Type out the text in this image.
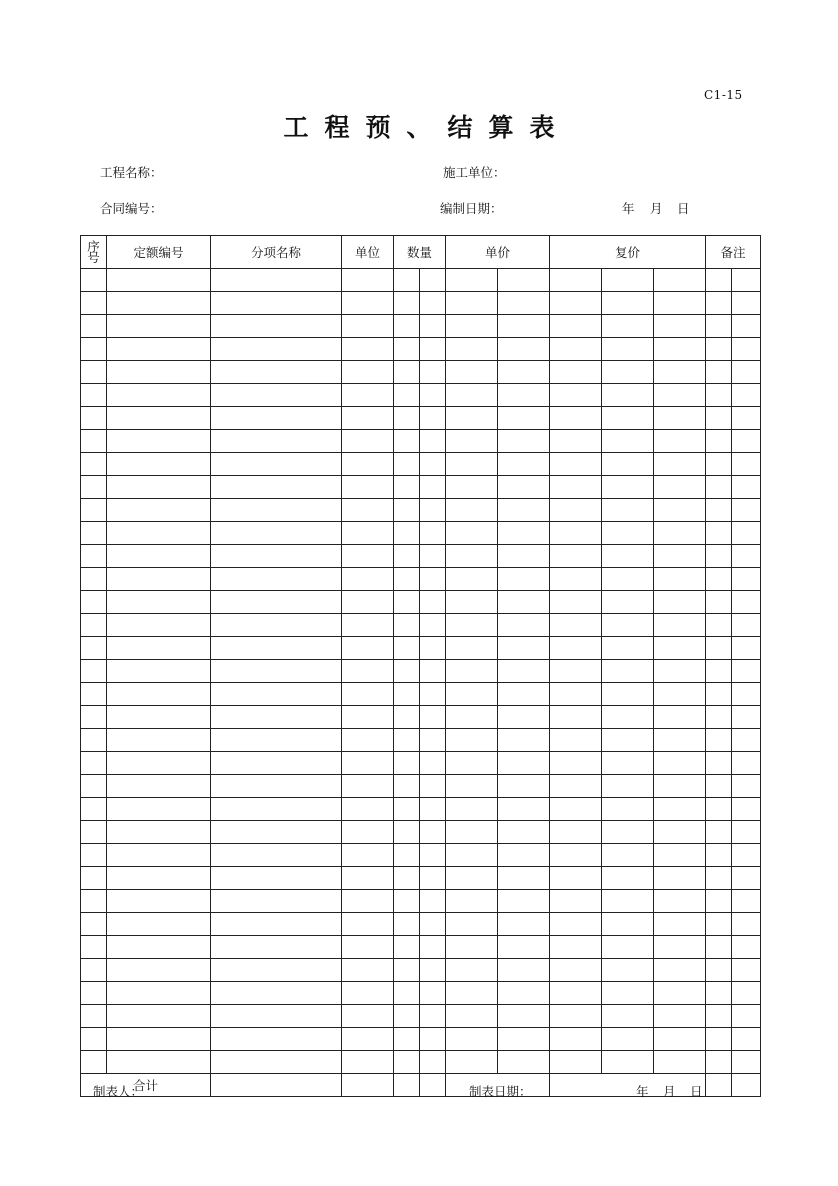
C1-15
工程预、结算表
工程名称：	施工单位：
合同编号：	编制日期：	年 月 日
序
号	定额编号	分项名称	单位	数量		单价		复价			备注	

合计												
制表人：	制表日期：	年 月 日
